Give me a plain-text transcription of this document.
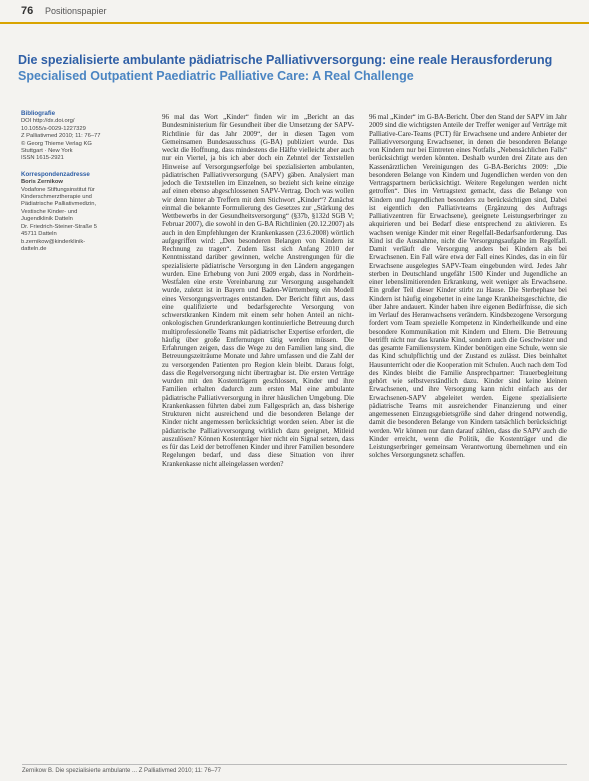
76 Positionspapier
Die spezialisierte ambulante pädiatrische Palliativversorgung: eine reale Herausforderung
Specialised Outpatient Paediatric Palliative Care: A Real Challenge
Bibliografie
DOI http://dx.doi.org/
10.1055/s-0029-1227329
Z Palliativmed 2010; 11: 76–77
© Georg Thieme Verlag KG
Stuttgart · New York
ISSN 1615-2921
Korrespondenzadresse
Boris Zernikow
Vodafone Stiftungsinstitut für
Kinderschmerztherapie und
Pädiatrische Palliativmedizin,
Vestische Kinder- und
Jugendklinik Datteln
Dr. Friedrich-Steiner-Straße 5
45711 Datteln
b.zernikow@kinderklinik-
datteln.de

96 mal das Wort „Kinder“ finden wir im „Bericht an das Bundesministerium für Gesundheit über die Umsetzung der SAPV-Richtlinie für das Jahr 2009“, der in diesen Tagen vom Gemeinsamen Bundesausschuss (G-BA) publiziert wurde. Das weckt die Hoffnung, dass mindestens die Hälfte vielleicht aber auch nur ein Viertel, ja bis ich aber doch ein Zehntel der Textstellen Hinweise auf Versorgungserfolge bei spezialisierten ambulanten, pädiatrischen Palliativversorgung (SAPV) gäben. Analysiert man jedoch die Textstellen im Einzelnen, so bezieht sich keine einzige auf einen ebenso abgeschlossenen SAPV-Vertrag. Doch was wollen wir denn hinter ab Treffern mit dem Stichwort „Kinder“? Zunächst einmal die bekannte Formulierung des Gesetzes zur „Stärkung des Wettbewerbs in der Gesundheitsversorgung“ (§37b, §132d SGB V; Februar 2007), die sowohl in den G-BA Richtlinien (20.12.2007) als auch in den Empfehlungen der Krankenkassen (23.6.2008) wörtlich aufgegriffen wird: „Den besonderen Belangen von Kindern ist Rechnung zu tragen“. Zudem lässt sich Anfang 2010 der Kenntnisstand darüber gewinnen, welche Anstrengungen für die spezialisierte pädiatrische Versorgung in den Ländern angegangen wurden. Eine Erhebung von Juni 2009 ergab, dass in Nordrhein-Westfalen eine erste Vereinbarung zur Versorgung ausgehandelt wurde, zuletzt ist in Bayern und Baden-Württemberg ein Modell eines Versorgungsvertrages entstanden. Der Bericht führt aus, dass eine qualifizierte und bedarfsgerechte Versorgung von schwerstkranken Kindern mit einem sehr hohen Anteil an nicht-onkologischen Grunderkrankungen kontinuierliche Betreuung durch multiprofessionelle Teams mit pädiatrischer Expertise erfordert, die häufig über große Entfernungen tätig werden müssen. Die Erfahrungen zeigen, dass die Wege zu den Familien lang sind, die Betreuungszeiträume Monate und Jahre umfassen und die Zahl der zu versorgenden Patienten pro Region klein bleibt. Daraus folgt, dass die Regelversorgung nicht übertragbar ist. Die ersten Verträge wurden mit den Kostenträgern geschlossen, Kinder und ihre Familien erhalten dadurch zum ersten Mal eine ambulante pädiatrische Palliativversorgung in ihrer häuslichen Umgebung. Die Krankenkassen führten dabei zum Fallgespräch an, dass bisherige Strukturen nicht ausreichend und die besonderen Belange der Kinder nicht angemessen berücksichtigt worden seien. Aber ist die pädiatrische Palliativversorgung wirklich dazu geeignet, Mitleid auszulösen? Können Kostenträger hier nicht ein Signal setzen, dass es für das Leid der betroffenen Kinder und ihrer Familien besondere Regelungen bedarf, und dass diese Situation von ihrer Krankenkasse nicht alleingelassen werden?

96 mal „Kinder“ im G-BA-Bericht. Über den Stand der SAPV im Jahr 2009 sind die wichtigsten Anteile der Treffer weniger auf Verträge mit Palliative-Care-Teams (PCT) für Erwachsene und andere Anbieter der Palliativversorgung Erwachsener, in denen die besonderen Belange von Kindern nur bei Eintreten eines Notfalls „Nebensächlichen Falls“ berücksichtigt werden könnten. Deshalb wurden drei Zitate aus den Kassenärztlichen Vereinigungen des G-BA-Berichts 2009: „Die besonderen Belange von Kindern und Jugendlichen werden von den Vertragspartnern berücksichtigt. Weitere Regelungen werden nicht getroffen“. Dies im Vertragstext gemacht, dass die Belange von Kindern und Jugendlichen besonders zu berücksichtigen sind, Dabei ist eigentlich den Palliativteams (Ergänzung des Auftrags Palliativzentren für Erwachsene), geeignete Leistungserbringer zu akquirieren und bei Bedarf diese entsprechend zu aktivieren. Es wachsen wenige Kinder mit einer Regelfall-Bedarfsanforderung. Das Kind ist die Ausnahme, nicht die Versorgungsaufgabe im Regelfall. Damit verläuft die Versorgung anders bei Kindern als bei Erwachsenen. Ein Fall wäre etwa der Fall eines Kindes, das in ein für Erwachsene ausgelegtes SAPV-Team eingebunden wird. Jedes Jahr sterben in Deutschland ungefähr 1500 Kinder und Jugendliche an einer lebenslimitierenden Erkrankung, weit weniger als Erwachsene. Ein großer Teil dieser Kinder stirbt zu Hause. Die Sterbephase bei Kindern ist häufig eingebettet in eine lange Krankheitsgeschichte, die über Jahre andauert. Kinder haben ihre eigenen Bedürfnisse, die sich im Verlauf des Heranwachsens verändern. Kindsbezogene Versorgung fordert vom Team spezielle Kompetenz in Kinderheilkunde und eine besondere Kommunikation mit Kindern und Eltern. Die Betreuung betrifft nicht nur das kranke Kind, sondern auch die Geschwister und das gesamte Familiensystem. Kinder benötigen eine Schule, wenn sie das Kind schulpflichtig und der Zustand es zulässt. Dies beinhaltet Hausunterricht oder die Kooperation mit Schulen. Auch nach dem Tod des Kindes bleibt die Familie Ansprechpartner: Trauerbegleitung gehört wie selbstverständlich dazu. Kinder sind keine kleinen Erwachsenen, und ihre Versorgung kann nicht einfach aus der Erwachsenen-SAPV abgeleitet werden. Eigene spezialisierte pädiatrische Teams mit ausreichender Finanzierung und einer angemessenen Einzugsgebietsgröße sind daher dringend notwendig, damit die besonderen Belange von Kindern tatsächlich berücksichtigt werden. Wir können nur dann darauf zählen, dass die SAPV auch die Kinder erreicht, wenn die Politik, die Kostenträger und die Leistungserbringer gemeinsam Verantwortung übernehmen und ein solches Versorgungsnetz schaffen.

Zernikow B. Die spezialisierte ambulante ... Z Palliativmed 2010; 11: 76–77
